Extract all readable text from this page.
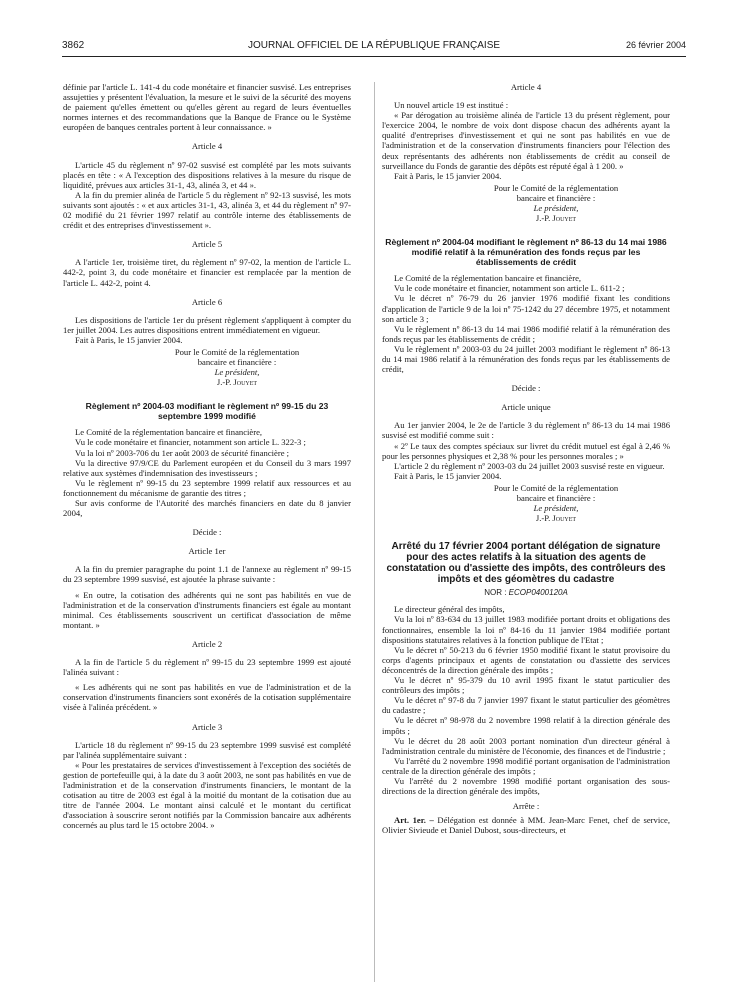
3862	JOURNAL OFFICIEL DE LA RÉPUBLIQUE FRANÇAISE	26 février 2004

définie par l'article L. 141-4 du code monétaire et financier susvisé. Les entreprises assujetties y présentent l'évaluation, la mesure et le suivi de la sécurité des moyens de paiement qu'elles émettent ou qu'elles gèrent au regard de leurs éventuelles normes internes et des recommandations que la Banque de France ou le Système européen de banques centrales portent à leur connaissance. »

Article 4

L'article 45 du règlement nº 97-02 susvisé est complété par les mots suivants placés en tête : « A l'exception des dispositions relatives à la mesure du risque de liquidité, prévues aux articles 31-1, 43, alinéa 3, et 44 ».

A la fin du premier alinéa de l'article 5 du règlement nº 92-13 susvisé, les mots suivants sont ajoutés : « et aux articles 31-1, 43, alinéa 3, et 44 du règlement nº 97-02 modifié du 21 février 1997 relatif au contrôle interne des établissements de crédit et des entreprises d'investissement ».

Article 5

A l'article 1er, troisième tiret, du règlement nº 97-02, la mention de l'article L. 442-2, point 3, du code monétaire et financier est remplacée par la mention de l'article L. 442-2, point 4.

Article 6

Les dispositions de l'article 1er du présent règlement s'appliquent à compter du 1er juillet 2004. Les autres dispositions entrent immédiatement en vigueur.

Fait à Paris, le 15 janvier 2004.

Pour le Comité de la réglementation
bancaire et financière :
Le président,
J.-P. Jouyet
Règlement nº 2004-03 modifiant le règlement nº 99-15 du 23 septembre 1999 modifié

Le Comité de la réglementation bancaire et financière,

Vu le code monétaire et financier, notamment son article L. 322-3 ;

Vu la loi nº 2003-706 du 1er août 2003 de sécurité financière ;

Vu la directive 97/9/CE du Parlement européen et du Conseil du 3 mars 1997 relative aux systèmes d'indemnisation des investisseurs ;

Vu le règlement nº 99-15 du 23 septembre 1999 relatif aux ressources et au fonctionnement du mécanisme de garantie des titres ;

Sur avis conforme de l'Autorité des marchés financiers en date du 8 janvier 2004,

Décide :
Article 1er

A la fin du premier paragraphe du point 1.1 de l'annexe au règlement nº 99-15 du 23 septembre 1999 susvisé, est ajoutée la phrase suivante :

« En outre, la cotisation des adhérents qui ne sont pas habilités en vue de l'administration et de la conservation d'instruments financiers est égale au montant minimal. Ces établissements souscrivent un certificat d'association de même montant. »

Article 2

A la fin de l'article 5 du règlement nº 99-15 du 23 septembre 1999 est ajouté l'alinéa suivant :

« Les adhérents qui ne sont pas habilités en vue de l'administration et de la conservation d'instruments financiers sont exonérés de la cotisation supplémentaire visée à l'alinéa précédent. »

Article 3

L'article 18 du règlement nº 99-15 du 23 septembre 1999 susvisé est complété par l'alinéa supplémentaire suivant :

« Pour les prestataires de services d'investissement à l'exception des sociétés de gestion de portefeuille qui, à la date du 3 août 2003, ne sont pas habilités en vue de l'administration et de la conservation d'instruments financiers, le montant de la cotisation au titre de 2003 est égal à la moitié du montant de la cotisation due au titre de l'année 2004. Le montant ainsi calculé et le montant du certificat d'association à souscrire seront notifiés par la Commission bancaire aux adhérents concernés au plus tard le 15 octobre 2004. »

Article 4

Un nouvel article 19 est institué :

« Par dérogation au troisième alinéa de l'article 13 du présent règlement, pour l'exercice 2004, le nombre de voix dont dispose chacun des adhérents ayant la qualité d'entreprises d'investissement et qui ne sont pas habilités en vue de l'administration et de la conservation d'instruments financiers pour l'élection des deux représentants des adhérents non établissements de crédit au conseil de surveillance du Fonds de garantie des dépôts est réputé égal à 1 200. »

Fait à Paris, le 15 janvier 2004.

Pour le Comité de la réglementation
bancaire et financière :
Le président,
J.-P. Jouyet
Règlement nº 2004-04 modifiant le règlement nº 86-13 du 14 mai 1986 modifié relatif à la rémunération des fonds reçus par les établissements de crédit

Le Comité de la réglementation bancaire et financière,

Vu le code monétaire et financier, notamment son article L. 611-2 ;

Vu le décret nº 76-79 du 26 janvier 1976 modifié fixant les conditions d'application de l'article 9 de la loi nº 75-1242 du 27 décembre 1975, et notamment son article 3 ;

Vu le règlement nº 86-13 du 14 mai 1986 modifié relatif à la rémunération des fonds reçus par les établissements de crédit ;

Vu le règlement nº 2003-03 du 24 juillet 2003 modifiant le règlement nº 86-13 du 14 mai 1986 relatif à la rémunération des fonds reçus par les établissements de crédit,

Décide :
Article unique

Au 1er janvier 2004, le 2e de l'article 3 du règlement nº 86-13 du 14 mai 1986 susvisé est modifié comme suit :

« 2º Le taux des comptes spéciaux sur livret du crédit mutuel est égal à 2,46 % pour les personnes physiques et 2,38 % pour les personnes morales ; »

L'article 2 du règlement nº 2003-03 du 24 juillet 2003 susvisé reste en vigueur.

Fait à Paris, le 15 janvier 2004.

Pour le Comité de la réglementation
bancaire et financière :
Le président,
J.-P. Jouyet
Arrêté du 17 février 2004 portant délégation de signature pour des actes relatifs à la situation des agents de constatation ou d'assiette des impôts, des contrôleurs des impôts et des géomètres du cadastre
NOR : ECOP0400120A

Le directeur général des impôts,

Vu la loi nº 83-634 du 13 juillet 1983 modifiée portant droits et obligations des fonctionnaires, ensemble la loi nº 84-16 du 11 janvier 1984 modifiée portant dispositions statutaires relatives à la fonction publique de l'Etat ;

Vu le décret nº 50-213 du 6 février 1950 modifié fixant le statut provisoire du corps d'agents principaux et agents de constatation ou d'assiette des services déconcentrés de la direction générale des impôts ;

Vu le décret nº 95-379 du 10 avril 1995 fixant le statut particulier des contrôleurs des impôts ;

Vu le décret nº 97-8 du 7 janvier 1997 fixant le statut particulier des géomètres du cadastre ;

Vu le décret nº 98-978 du 2 novembre 1998 relatif à la direction générale des impôts ;

Vu le décret du 28 août 2003 portant nomination d'un directeur général à l'administration centrale du ministère de l'économie, des finances et de l'industrie ;

Vu l'arrêté du 2 novembre 1998 modifié portant organisation de l'administration centrale de la direction générale des impôts ;

Vu l'arrêté du 2 novembre 1998 modifié portant organisation des sous-directions de la direction générale des impôts,

Arrête :

Art. 1er. – Délégation est donnée à MM. Jean-Marc Fenet, chef de service, Olivier Sivieude et Daniel Dubost, sous-directeurs, et
